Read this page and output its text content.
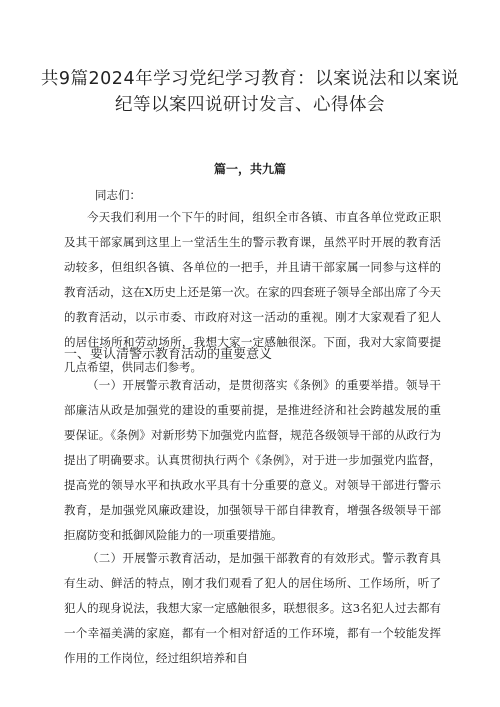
共9篇2024年学习党纪学习教育：以案说法和以案说纪等以案四说研讨发言、心得体会
篇一，共九篇
同志们：

今天我们利用一个下午的时间，组织全市各镇、市直各单位党政正职及其干部家属到这里上一堂活生生的警示教育课，虽然平时开展的教育活动较多，但组织各镇、各单位的一把手，并且请干部家属一同参与这样的教育活动，这在X历史上还是第一次。在家的四套班子领导全部出席了今天的教育活动，以示市委、市政府对这一活动的重视。刚才大家观看了犯人的居住场所和劳动场所，我想大家一定感触很深。下面，我对大家简要提几点希望，供同志们参考。

一、要认清警示教育活动的重要意义

（一）开展警示教育活动，是贯彻落实《条例》的重要举措。领导干部廉洁从政是加强党的建设的重要前提，是推进经济和社会跨越发展的重要保证。《条例》对新形势下加强党内监督，规范各级领导干部的从政行为提出了明确要求。认真贯彻执行两个《条例》，对于进一步加强党内监督，提高党的领导水平和执政水平具有十分重要的意义。对领导干部进行警示教育，是加强党风廉政建设，加强领导干部自律教育，增强各级领导干部拒腐防变和抵御风险能力的一项重要措施。

（二）开展警示教育活动，是加强干部教育的有效形式。警示教育具有生动、鲜活的特点，刚才我们观看了犯人的居住场所、工作场所，听了犯人的现身说法，我想大家一定感触很多，联想很多。这3名犯人过去都有一个幸福美满的家庭，都有一个相对舒适的工作环境，都有一个较能发挥作用的工作岗位，经过组织培养和自
